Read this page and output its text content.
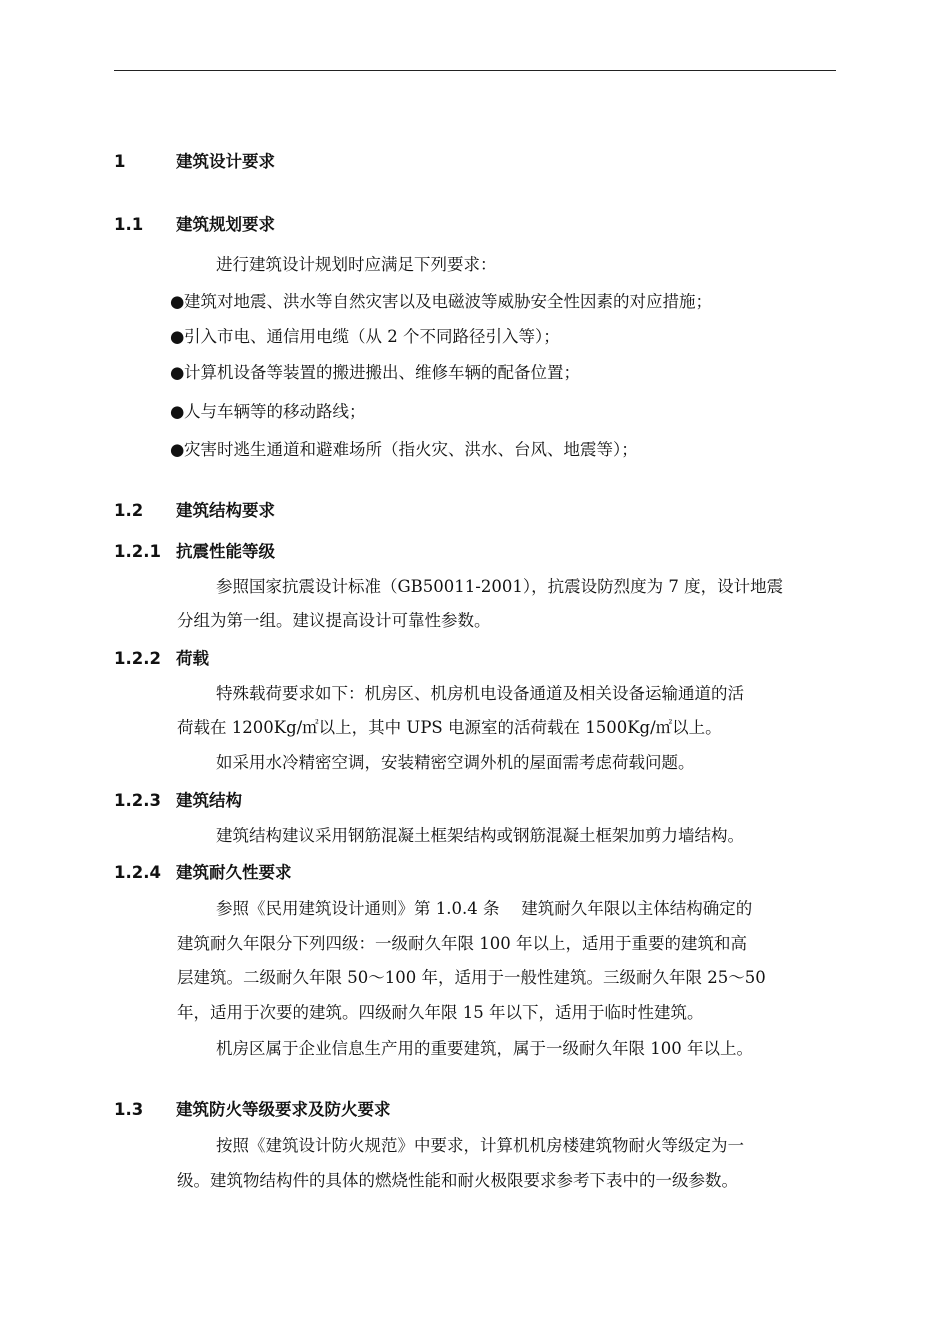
1	建筑设计要求
1.1 建筑规划要求
进行建筑设计规划时应满足下列要求：
●建筑对地震、洪水等自然灾害以及电磁波等威胁安全性因素的对应措施；
●引入市电、通信用电缆（从 2 个不同路径引入等）；
●计算机设备等装置的搬进搬出、维修车辆的配备位置；
●人与车辆等的移动路线；
●灾害时逃生通道和避难场所（指火灾、洪水、台风、地震等）；
1.2 建筑结构要求
1.2.1 抗震性能等级
参照国家抗震设计标准（GB50011-2001），抗震设防烈度为 7 度，设计地震
分组为第一组。建议提高设计可靠性参数。
1.2.2 荷载
特殊载荷要求如下：机房区、机房机电设备通道及相关设备运输通道的活
荷载在 1200Kg/㎡以上，其中 UPS 电源室的活荷载在 1500Kg/㎡以上。
如采用水冷精密空调，安装精密空调外机的屋面需考虑荷载问题。
1.2.3 建筑结构
建筑结构建议采用钢筋混凝土框架结构或钢筋混凝土框架加剪力墙结构。
1.2.4 建筑耐久性要求
参照《民用建筑设计通则》第 1.0.4 条　 建筑耐久年限以主体结构确定的
建筑耐久年限分下列四级：一级耐久年限 100 年以上，适用于重要的建筑和高
层建筑。二级耐久年限 50～100 年，适用于一般性建筑。三级耐久年限 25～50
年，适用于次要的建筑。四级耐久年限 15 年以下，适用于临时性建筑。
机房区属于企业信息生产用的重要建筑，属于一级耐久年限 100 年以上。
1.3 建筑防火等级要求及防火要求
按照《建筑设计防火规范》中要求，计算机机房楼建筑物耐火等级定为一
级。建筑物结构件的具体的燃烧性能和耐火极限要求参考下表中的一级参数。
